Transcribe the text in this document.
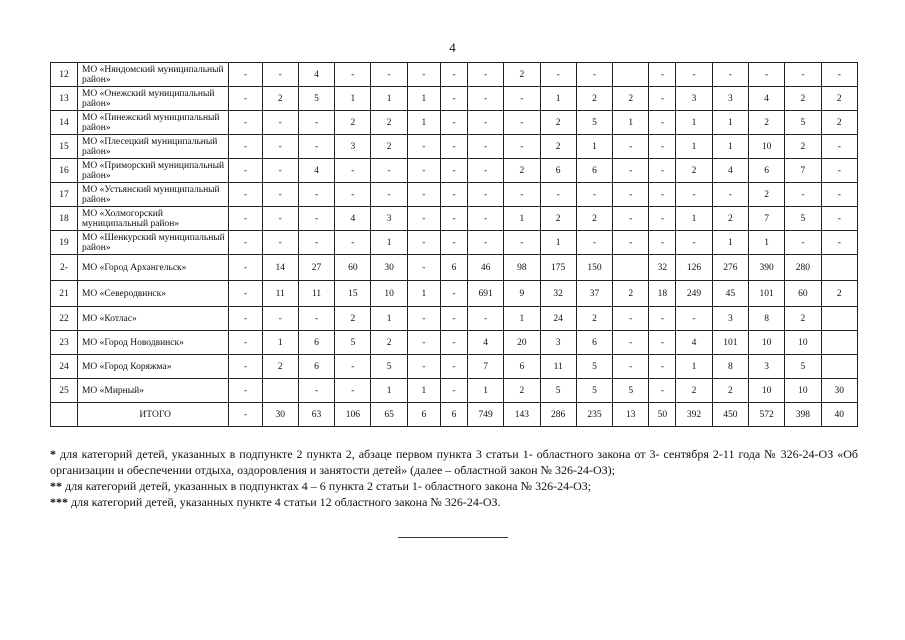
4
12	МО «Няндомский муниципальный район»	-	-	4	-	-	-	-	-	2	-	-		-	-	-	-	-	-
13	МО «Онежский муниципальный район»	-	2	5	1	1	1	-	-	-	1	2	2	-	3	3	4	2	2
14	МО «Пинежский муниципальный район»	-	-	-	2	2	1	-	-	-	2	5	1	-	1	1	2	5	2
15	МО «Плесецкий муниципальный район»	-	-	-	3	2	-	-	-	-	2	1	-	-	1	1	10	2	-
16	МО «Приморский муниципальный район»	-	-	4	-	-	-	-	-	2	6	6	-	-	2	4	6	7	-
17	МО «Устьянский муниципальный район»	-	-	-	-	-	-	-	-	-	-	-	-	-	-	-	2	-	-
18	МО «Холмогорский муниципальный район»	-	-	-	4	3	-	-	-	1	2	2	-	-	1	2	7	5	-
19	МО «Шенкурский муниципальный район»	-	-	-	-	1	-	-	-	-	1	-	-	-	-	1	1	-	-
2-	МО «Город Архангельск»	-	14	27	60	30	-	6	46	98	175	150		32	126	276	390	280	
21	МО «Северодвинск»	-	11	11	15	10	1	-	691	9	32	37	2	18	249	45	101	60	2
22	МО «Котлас»	-	-	-	2	1	-	-	-	1	24	2	-	-	-	3	8	2	
23	МО «Город Новодвинск»	-	1	6	5	2	-	-	4	20	3	6	-	-	4	101	10	10	
24	МО «Город Коряжма»	-	2	6	-	5	-	-	7	6	11	5	-	-	1	8	3	5	
25	МО «Мирный»	-		-	-	1	1	-	1	2	5	5	5	-	2	2	10	10	30
	ИТОГО	-	30	63	106	65	6	6	749	143	286	235	13	50	392	450	572	398	40

* для категорий детей, указанных в подпункте 2 пункта 2, абзаце первом пункта 3 статьи 1- областного закона от 3- сентября 2-11 года № 326-24-ОЗ «Об организации и обеспечении отдыха, оздоровления и занятости детей» (далее – областной закон № 326-24-ОЗ);

** для категорий детей, указанных в подпунктах 4 – 6 пункта 2 статьи 1- областного закона № 326-24-ОЗ;

*** для категорий детей, указанных пункте 4 статьи 12 областного закона № 326-24-ОЗ.
